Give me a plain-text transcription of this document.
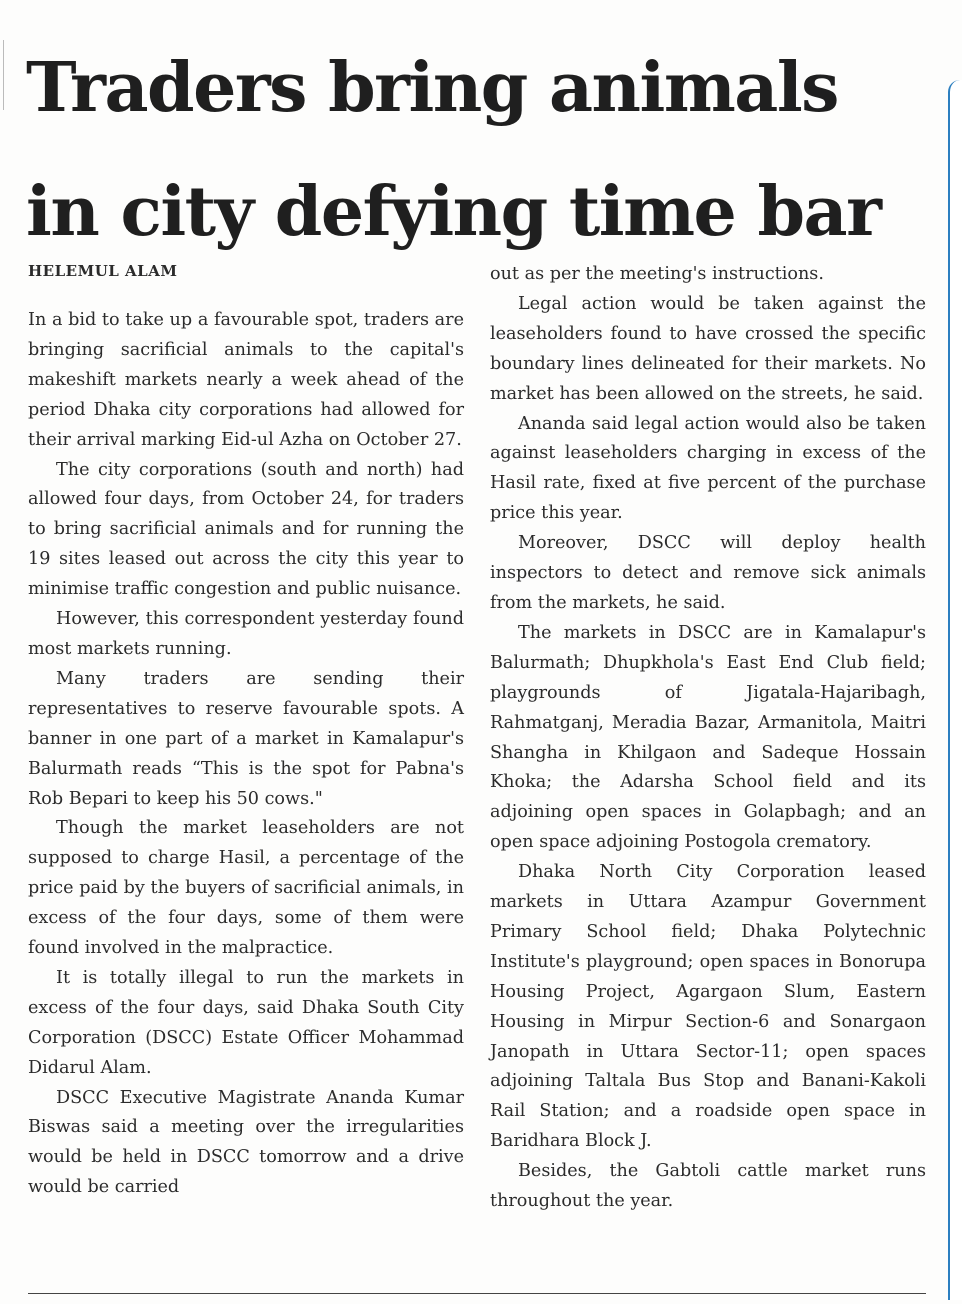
Traders bring animals
in city defying time bar
HELEMUL ALAM

In a bid to take up a favourable spot, traders are bringing sacrificial animals to the capital's makeshift markets nearly a week ahead of the period Dhaka city corporations had allowed for their arrival marking Eid-ul Azha on October 27.

The city corporations (south and north) had allowed four days, from October 24, for traders to bring sacrificial animals and for running the 19 sites leased out across the city this year to minimise traffic congestion and public nuisance.

However, this correspondent yesterday found most markets running.

Many traders are sending their representatives to reserve favourable spots. A banner in one part of a market in Kamalapur's Balurmath reads “This is the spot for Pabna's Rob Bepari to keep his 50 cows."

Though the market leaseholders are not supposed to charge Hasil, a percentage of the price paid by the buyers of sacrificial animals, in excess of the four days, some of them were found involved in the malpractice.

It is totally illegal to run the markets in excess of the four days, said Dhaka South City Corporation (DSCC) Estate Officer Mohammad Didarul Alam.

DSCC Executive Magistrate Ananda Kumar Biswas said a meeting over the irregularities would be held in DSCC tomorrow and a drive would be carried

out as per the meeting's instructions.

Legal action would be taken against the leaseholders found to have crossed the specific boundary lines delineated for their markets. No market has been allowed on the streets, he said.

Ananda said legal action would also be taken against leaseholders charging in excess of the Hasil rate, fixed at five percent of the purchase price this year.

Moreover, DSCC will deploy health inspectors to detect and remove sick animals from the markets, he said.

The markets in DSCC are in Kamalapur's Balurmath; Dhupkhola's East End Club field; playgrounds of Jigatala-Hajaribagh, Rahmatganj, Meradia Bazar, Armanitola, Maitri Shangha in Khilgaon and Sadeque Hossain Khoka; the Adarsha School field and its adjoining open spaces in Golapbagh; and an open space adjoining Postogola crematory.

Dhaka North City Corporation leased markets in Uttara Azampur Government Primary School field; Dhaka Polytechnic Institute's playground; open spaces in Bonorupa Housing Project, Agargaon Slum, Eastern Housing in Mirpur Section-6 and Sonargaon Janopath in Uttara Sector-11; open spaces adjoining Taltala Bus Stop and Banani-Kakoli Rail Station; and a roadside open space in Baridhara Block J.

Besides, the Gabtoli cattle market runs throughout the year.
